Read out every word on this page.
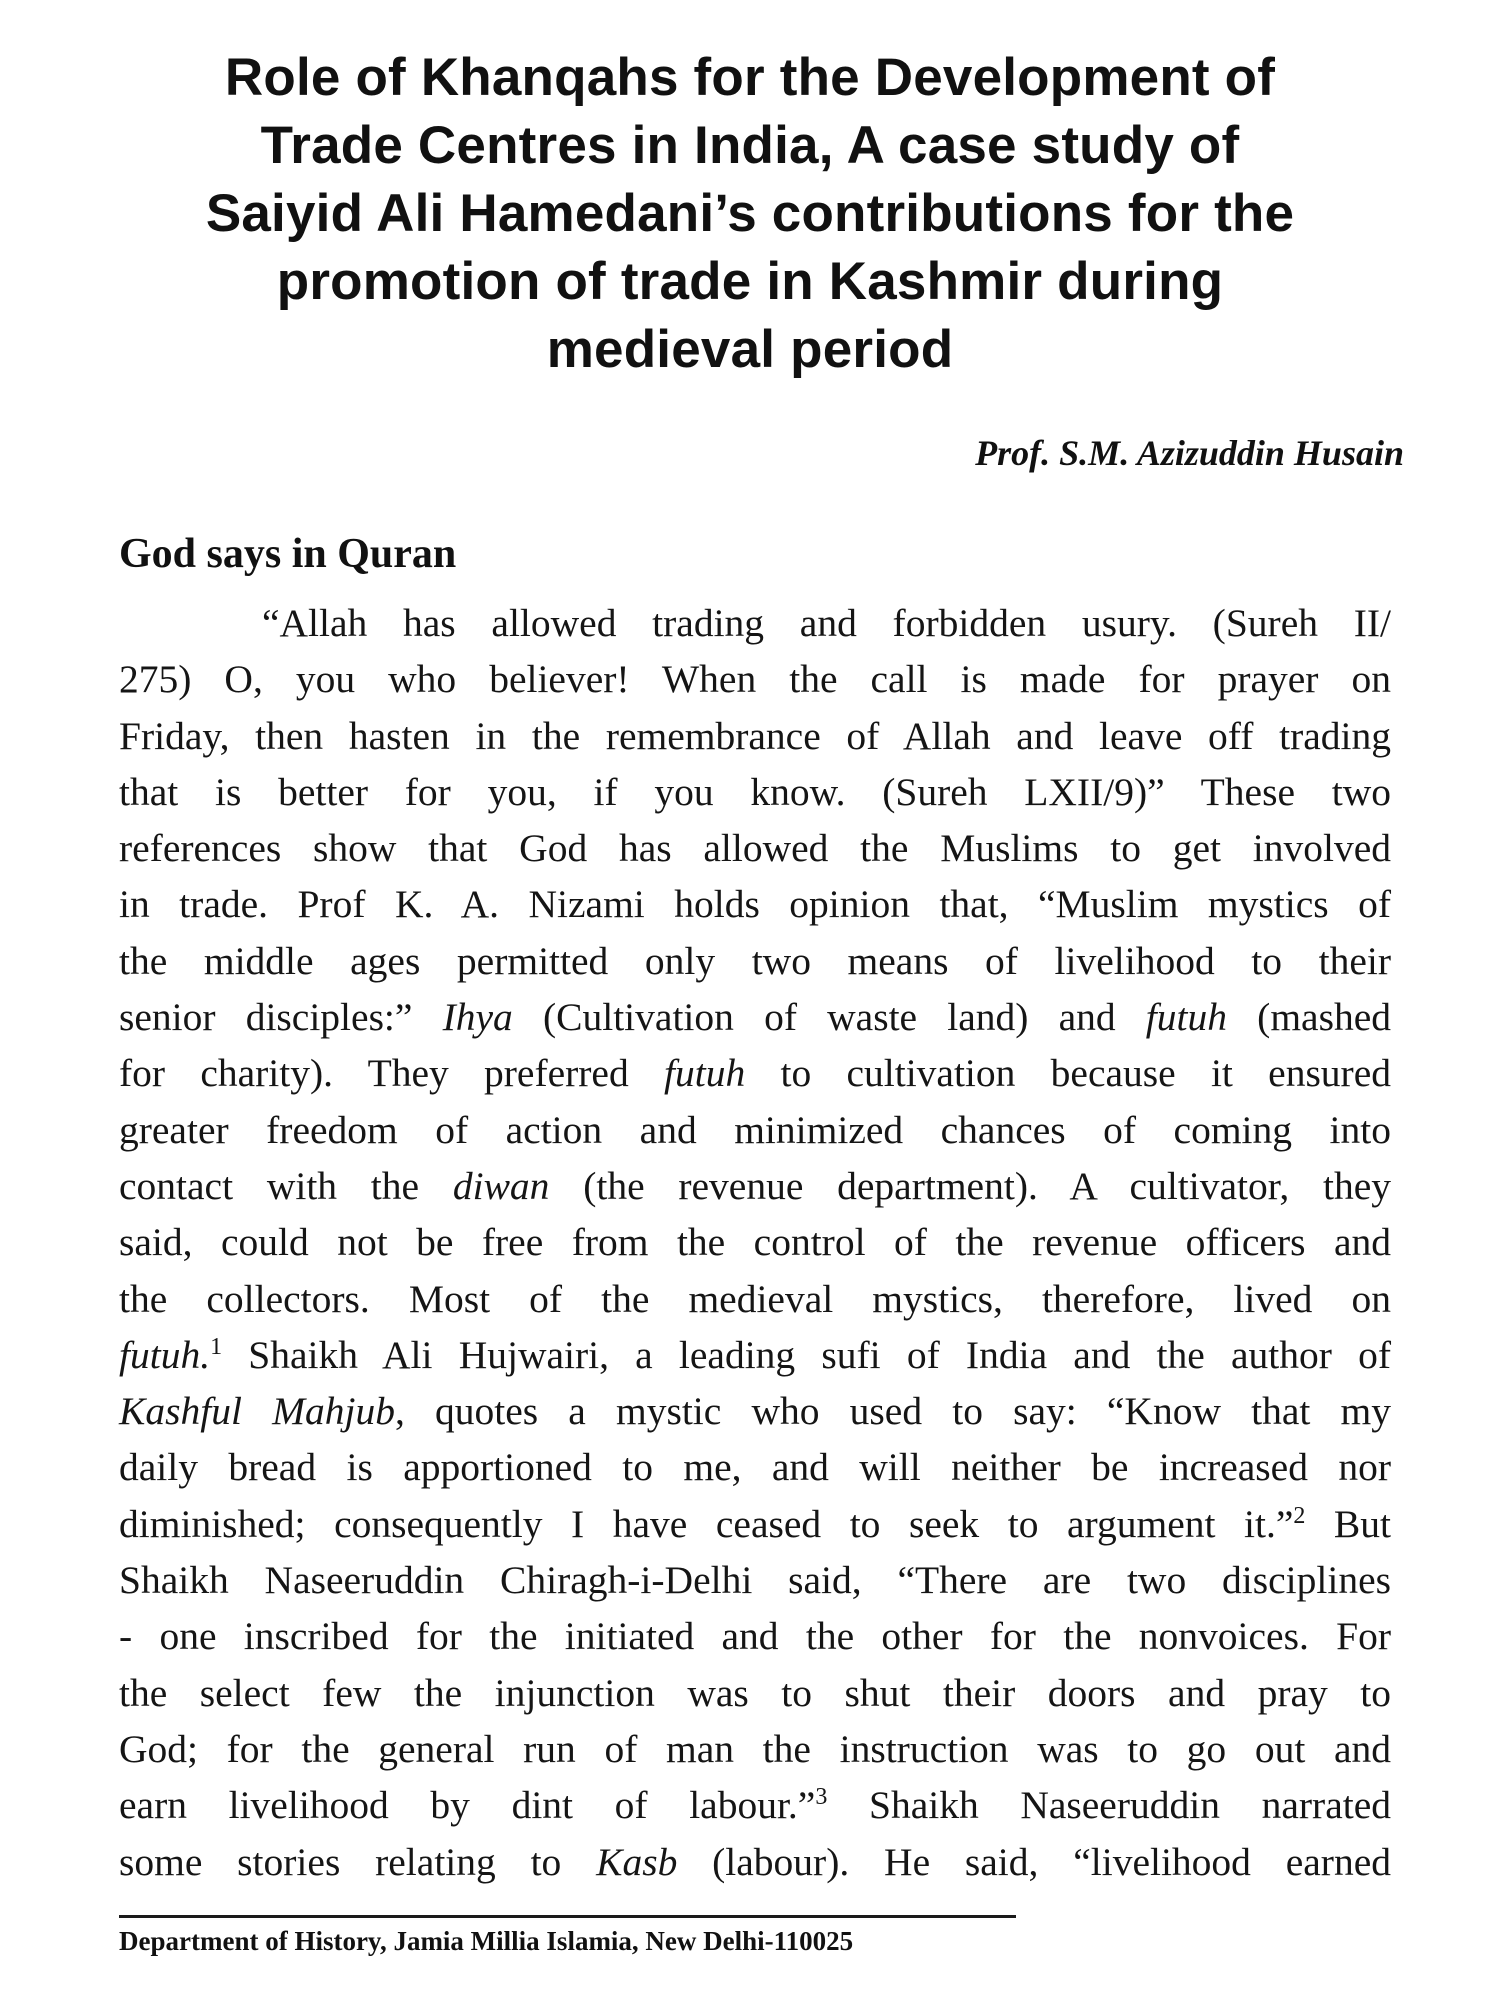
Role of Khanqahs for the Development of
Trade Centres in India, A case study of
Saiyid Ali Hamedani’s contributions for the
promotion of trade in Kashmir during
medieval period
Prof. S.M. Azizuddin Husain
God says in Quran
“Allah has allowed trading and forbidden usury. (Sureh II/
275) O, you who believer! When the call is made for prayer on
Friday, then hasten in the remembrance of Allah and leave off trading
that is better for you, if you know. (Sureh LXII/9)” These two
references show that God has allowed the Muslims to get involved
in trade. Prof K. A. Nizami holds opinion that, “Muslim mystics of
the middle ages permitted only two means of livelihood to their
senior disciples:” Ihya (Cultivation of waste land) and futuh (mashed
for charity). They preferred futuh to cultivation because it ensured
greater freedom of action and minimized chances of coming into
contact with the diwan (the revenue department). A cultivator, they
said, could not be free from the control of the revenue officers and
the collectors. Most of the medieval mystics, therefore, lived on
futuh.$^1$ Shaikh Ali Hujwairi, a leading sufi of India and the author of
Kashful Mahjub, quotes a mystic who used to say: “Know that my
daily bread is apportioned to me, and will neither be increased nor
diminished; consequently I have ceased to seek to argument it.”$^2$ But
Shaikh Naseeruddin Chiragh-i-Delhi said, “There are two disciplines
- one inscribed for the initiated and the other for the nonvoices. For
the select few the injunction was to shut their doors and pray to
God; for the general run of man the instruction was to go out and
earn livelihood by dint of labour.”$^3$ Shaikh Naseeruddin narrated
some stories relating to Kasb (labour). He said, “livelihood earned
Department of History, Jamia Millia Islamia, New Delhi-110025
